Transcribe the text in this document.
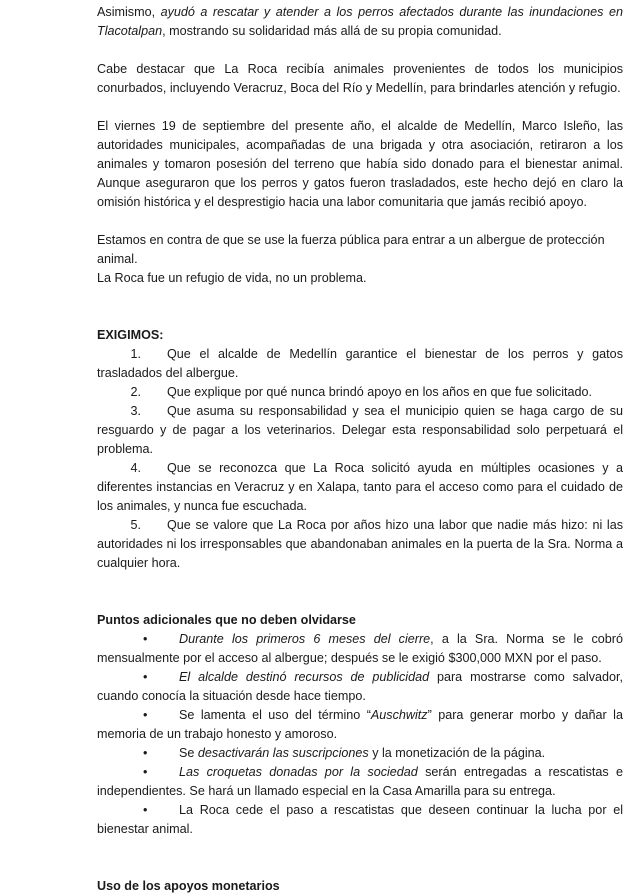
Asimismo, ayudó a rescatar y atender a los perros afectados durante las inundaciones en Tlacotalpan, mostrando su solidaridad más allá de su propia comunidad.

Cabe destacar que La Roca recibía animales provenientes de todos los municipios conurbados, incluyendo Veracruz, Boca del Río y Medellín, para brindarles atención y refugio.

El viernes 19 de septiembre del presente año, el alcalde de Medellín, Marco Isleño, las autoridades municipales, acompañadas de una brigada y otra asociación, retiraron a los animales y tomaron posesión del terreno que había sido donado para el bienestar animal. Aunque aseguraron que los perros y gatos fueron trasladados, este hecho dejó en claro la omisión histórica y el desprestigio hacia una labor comunitaria que jamás recibió apoyo.

Estamos en contra de que se use la fuerza pública para entrar a un albergue de protección animal.

La Roca fue un refugio de vida, no un problema.

EXIGIMOS:

1. Que el alcalde de Medellín garantice el bienestar de los perros y gatos trasladados del albergue.

2. Que explique por qué nunca brindó apoyo en los años en que fue solicitado.

3. Que asuma su responsabilidad y sea el municipio quien se haga cargo de su resguardo y de pagar a los veterinarios. Delegar esta responsabilidad solo perpetuará el problema.

4. Que se reconozca que La Roca solicitó ayuda en múltiples ocasiones y a diferentes instancias en Veracruz y en Xalapa, tanto para el acceso como para el cuidado de los animales, y nunca fue escuchada.

5. Que se valore que La Roca por años hizo una labor que nadie más hizo: ni las autoridades ni los irresponsables que abandonaban animales en la puerta de la Sra. Norma a cualquier hora.

Puntos adicionales que no deben olvidarse

•	Durante los primeros 6 meses del cierre, a la Sra. Norma se le cobró mensualmente por el acceso al albergue; después se le exigió $300,000 MXN por el paso.

•	El alcalde destinó recursos de publicidad para mostrarse como salvador, cuando conocía la situación desde hace tiempo.

•	Se lamenta el uso del término “Auschwitz” para generar morbo y dañar la memoria de un trabajo honesto y amoroso.

•	Se desactivarán las suscripciones y la monetización de la página.

•	Las croquetas donadas por la sociedad serán entregadas a rescatistas e independientes. Se hará un llamado especial en la Casa Amarilla para su entrega.

•	La Roca cede el paso a rescatistas que deseen continuar la lucha por el bienestar animal.

Uso de los apoyos monetarios
